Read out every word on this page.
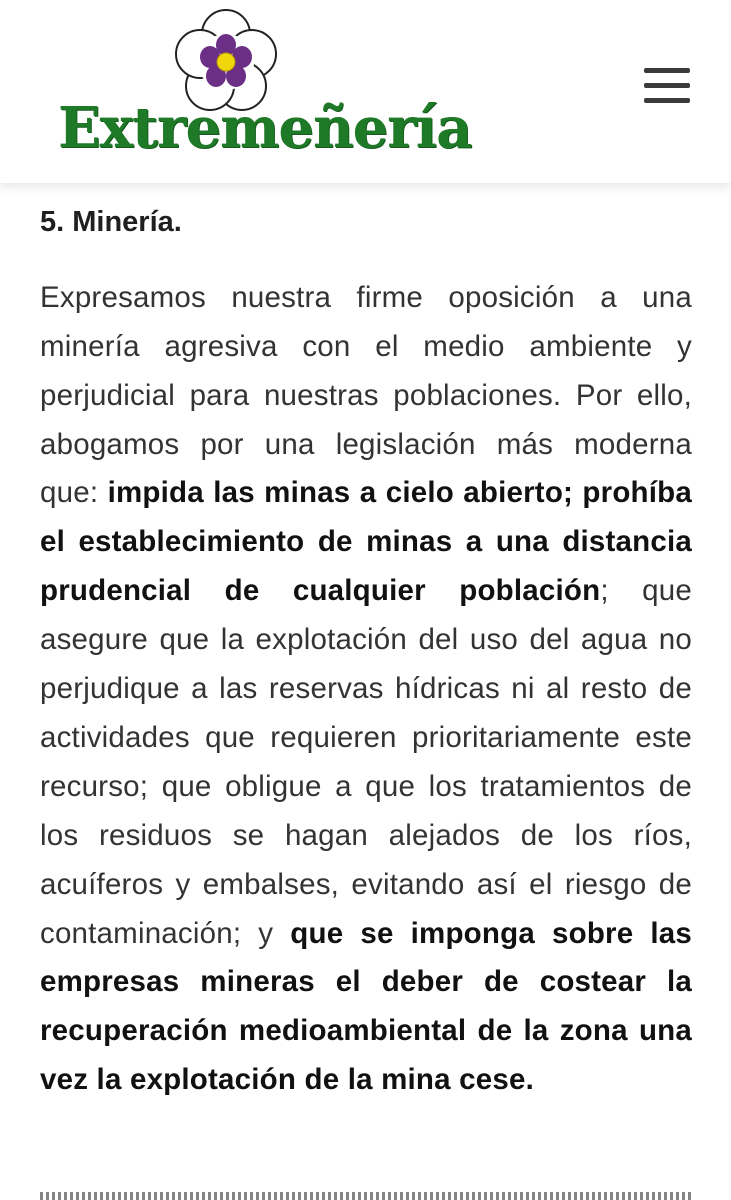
Extremeñería
5. Minería.

Expresamos nuestra firme oposición a una minería agresiva con el medio ambiente y perjudicial para nuestras poblaciones. Por ello, abogamos por una legislación más moderna que: impida las minas a cielo abierto; prohíba el establecimiento de minas a una distancia prudencial de cualquier población; que asegure que la explotación del uso del agua no perjudique a las reservas hídricas ni al resto de actividades que requieren prioritariamente este recurso; que obligue a que los tratamientos de los residuos se hagan alejados de los ríos, acuíferos y embalses, evitando así el riesgo de contaminación; y que se imponga sobre las empresas mineras el deber de costear la recuperación medioambiental de la zona una vez la explotación de la mina cese.
